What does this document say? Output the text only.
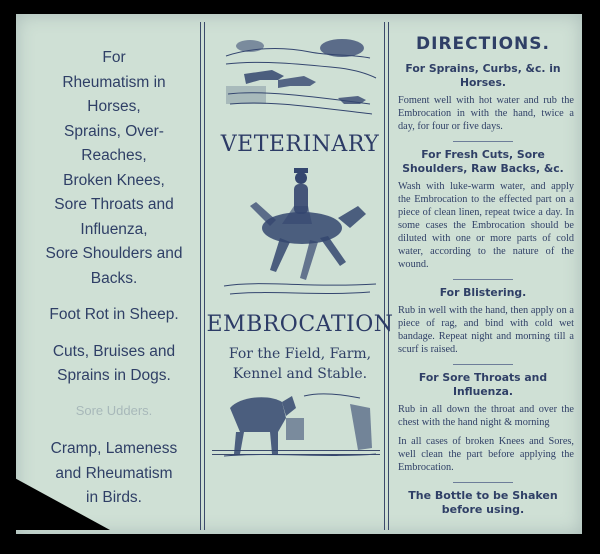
For
Rheumatism in
Horses,
Sprains, Over-
Reaches,
Broken Knees,
Sore Throats and
Influenza,
Sore Shoulders and
Backs.
Foot Rot in Sheep.
Cuts, Bruises and
Sprains in Dogs.
Sore Udders.
Cramp, Lameness
and Rheumatism
in Birds.
VETERINARY
EMBROCATION
For the Field, Farm,
Kennel and Stable.
DIRECTIONS.
For Sprains, Curbs, &c. in Horses.
Foment well with hot water and rub the Embrocation in with the hand, twice a day, for four or five days.
For Fresh Cuts, Sore Shoulders, Raw Backs, &c.
Wash with luke-warm water, and apply the Embrocation to the effected part on a piece of clean linen, repeat twice a day. In some cases the Embrocation should be diluted with one or more parts of cold water, according to the nature of the wound.
For Blistering.
Rub in well with the hand, then apply on a piece of rag, and bind with cold wet bandage. Repeat night and morning till a scurf is raised.
For Sore Throats and Influenza.
Rub in all down the throat and over the chest with the hand night & morning
In all cases of broken Knees and Sores, well clean the part before applying the Embrocation.
The Bottle to be Shaken before using.
